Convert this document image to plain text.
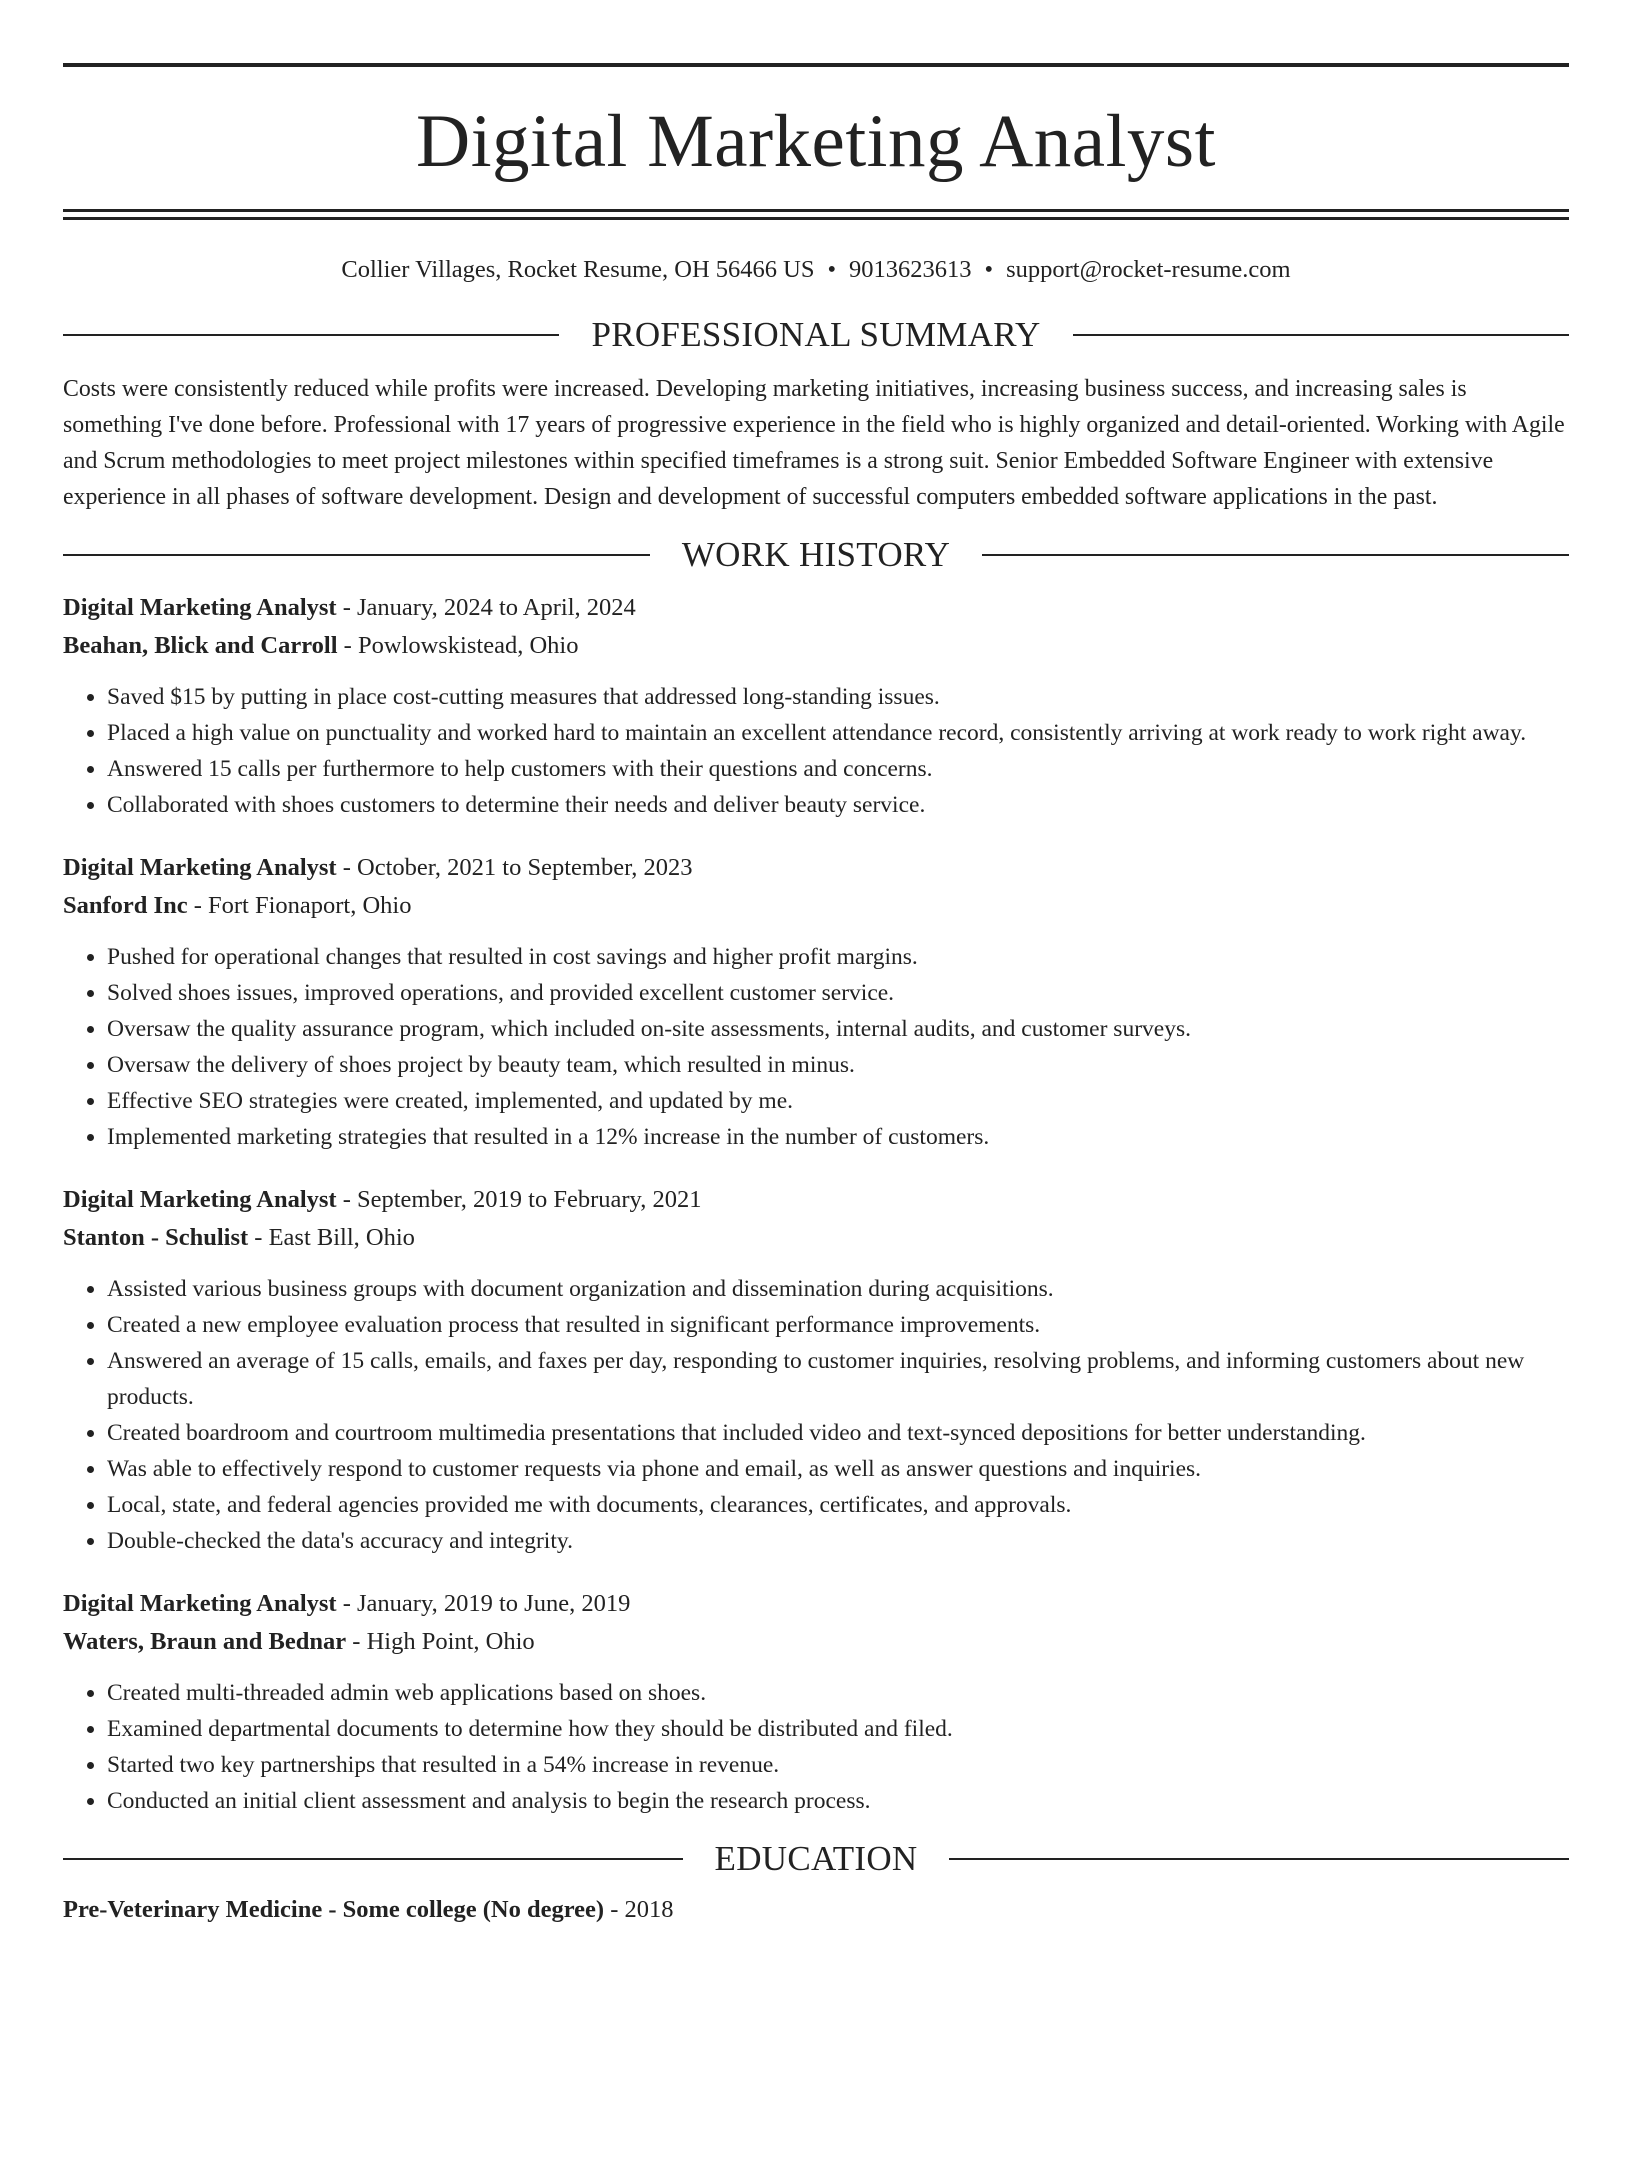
Digital Marketing Analyst
Collier Villages, Rocket Resume, OH 56466 US • 9013623613 • support@rocket-resume.com
PROFESSIONAL SUMMARY
Costs were consistently reduced while profits were increased. Developing marketing initiatives, increasing business success, and increasing sales is something I've done before. Professional with 17 years of progressive experience in the field who is highly organized and detail-oriented. Working with Agile and Scrum methodologies to meet project milestones within specified timeframes is a strong suit. Senior Embedded Software Engineer with extensive experience in all phases of software development. Design and development of successful computers embedded software applications in the past.
WORK HISTORY
Digital Marketing Analyst - January, 2024 to April, 2024
Beahan, Blick and Carroll - Powlowskistead, Ohio
• Saved $15 by putting in place cost-cutting measures that addressed long-standing issues.
• Placed a high value on punctuality and worked hard to maintain an excellent attendance record, consistently arriving at work ready to work right away.
• Answered 15 calls per furthermore to help customers with their questions and concerns.
• Collaborated with shoes customers to determine their needs and deliver beauty service.
Digital Marketing Analyst - October, 2021 to September, 2023
Sanford Inc - Fort Fionaport, Ohio
• Pushed for operational changes that resulted in cost savings and higher profit margins.
• Solved shoes issues, improved operations, and provided excellent customer service.
• Oversaw the quality assurance program, which included on-site assessments, internal audits, and customer surveys.
• Oversaw the delivery of shoes project by beauty team, which resulted in minus.
• Effective SEO strategies were created, implemented, and updated by me.
• Implemented marketing strategies that resulted in a 12% increase in the number of customers.
Digital Marketing Analyst - September, 2019 to February, 2021
Stanton - Schulist - East Bill, Ohio
• Assisted various business groups with document organization and dissemination during acquisitions.
• Created a new employee evaluation process that resulted in significant performance improvements.
• Answered an average of 15 calls, emails, and faxes per day, responding to customer inquiries, resolving problems, and informing customers about new products.
• Created boardroom and courtroom multimedia presentations that included video and text-synced depositions for better understanding.
• Was able to effectively respond to customer requests via phone and email, as well as answer questions and inquiries.
• Local, state, and federal agencies provided me with documents, clearances, certificates, and approvals.
• Double-checked the data's accuracy and integrity.
Digital Marketing Analyst - January, 2019 to June, 2019
Waters, Braun and Bednar - High Point, Ohio
• Created multi-threaded admin web applications based on shoes.
• Examined departmental documents to determine how they should be distributed and filed.
• Started two key partnerships that resulted in a 54% increase in revenue.
• Conducted an initial client assessment and analysis to begin the research process.
EDUCATION
Pre-Veterinary Medicine - Some college (No degree) - 2018
